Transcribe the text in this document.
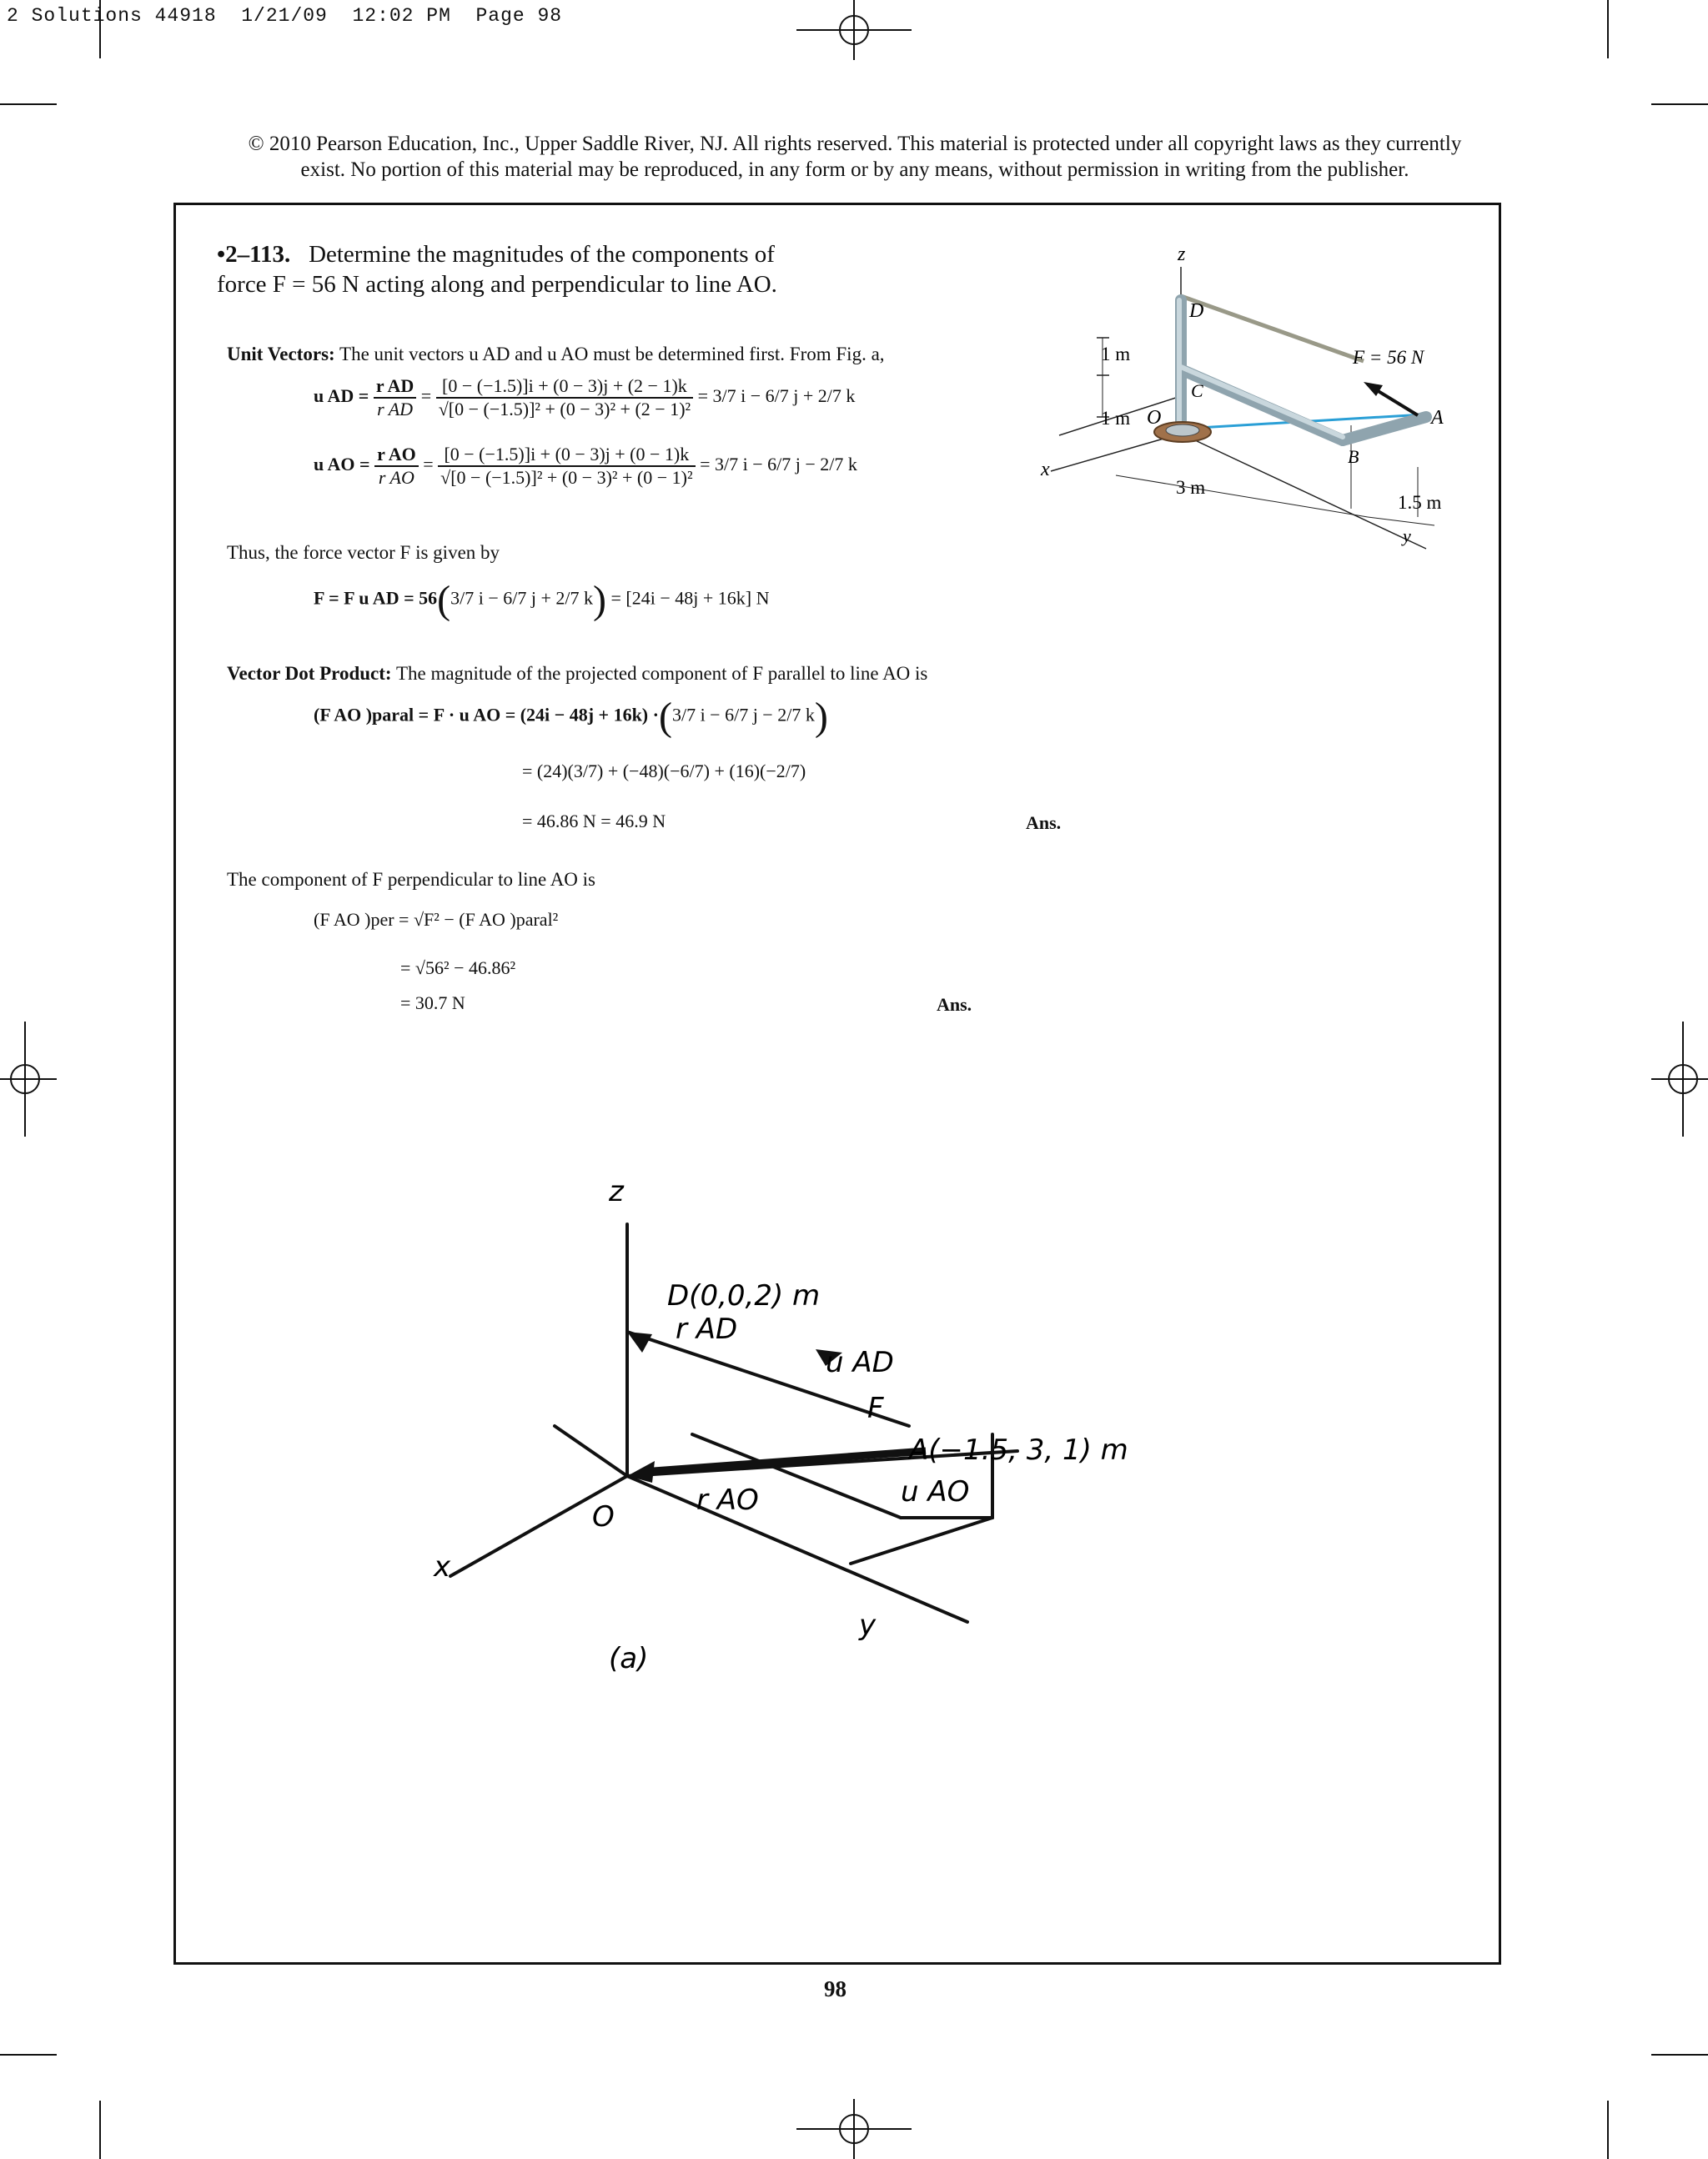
2 Solutions 44918  1/21/09  12:02 PM  Page 98
© 2010 Pearson Education, Inc., Upper Saddle River, NJ. All rights reserved. This material is protected under all copyright laws as they currently
exist. No portion of this material may be reproduced, in any form or by any means, without permission in writing from the publisher.
•2–113. Determine the magnitudes of the components of
force F = 56 N acting along and perpendicular to line AO.
z
D
C
O	A
B
x
y
1 m
1 m
3 m
1.5 m
F = 56 N
Unit Vectors: The unit vectors u AD and u AO must be determined first. From Fig. a,
u AD = $\frac{\text{r AD}}{\text{r AD}} = \frac{[0 - (-1.5)]i + (0 - 3)j + (2 - 1)k}{\text{√[0 − (−1.5)]² + (0 − 3)² + (2 − 1)²}} = 3/7$ i − 6/7 j + 2/7 k
u AO = $\frac{\text{r AO}}{\text{r AO}} = \frac{[0 - (-1.5)]i + (0 - 3)j + (0 - 1)k}{\text{√[0 − (−1.5)]² + (0 − 3)² + (0 − 1)²}} = 3/7$ i − 6/7 j − 2/7 k
Thus, the force vector F is given by
F = F u AD = 56(3/7 i − 6/7 j + 2/7 k) = [24i − 48j + 16k] N
Vector Dot Product: The magnitude of the projected component of F parallel to line AO is
(F AO )paral = F · u AO = (24i − 48j + 16k) ·(3/7 i − 6/7 j − 2/7 k)
= (24)(3/7) + (−48)(−6/7) + (16)(−2/7)
= 46.86 N = 46.9 N	Ans.
The component of F perpendicular to line AO is
(F AO )per = √F² − (F AO )paral²
= √56² − 46.86²
= 30.7 N	Ans.
z
x
y
O
D(0,0,2) m
r AD
u AD
F
A(−1.5, 3, 1) m
u AO
r AO
(a)
98
